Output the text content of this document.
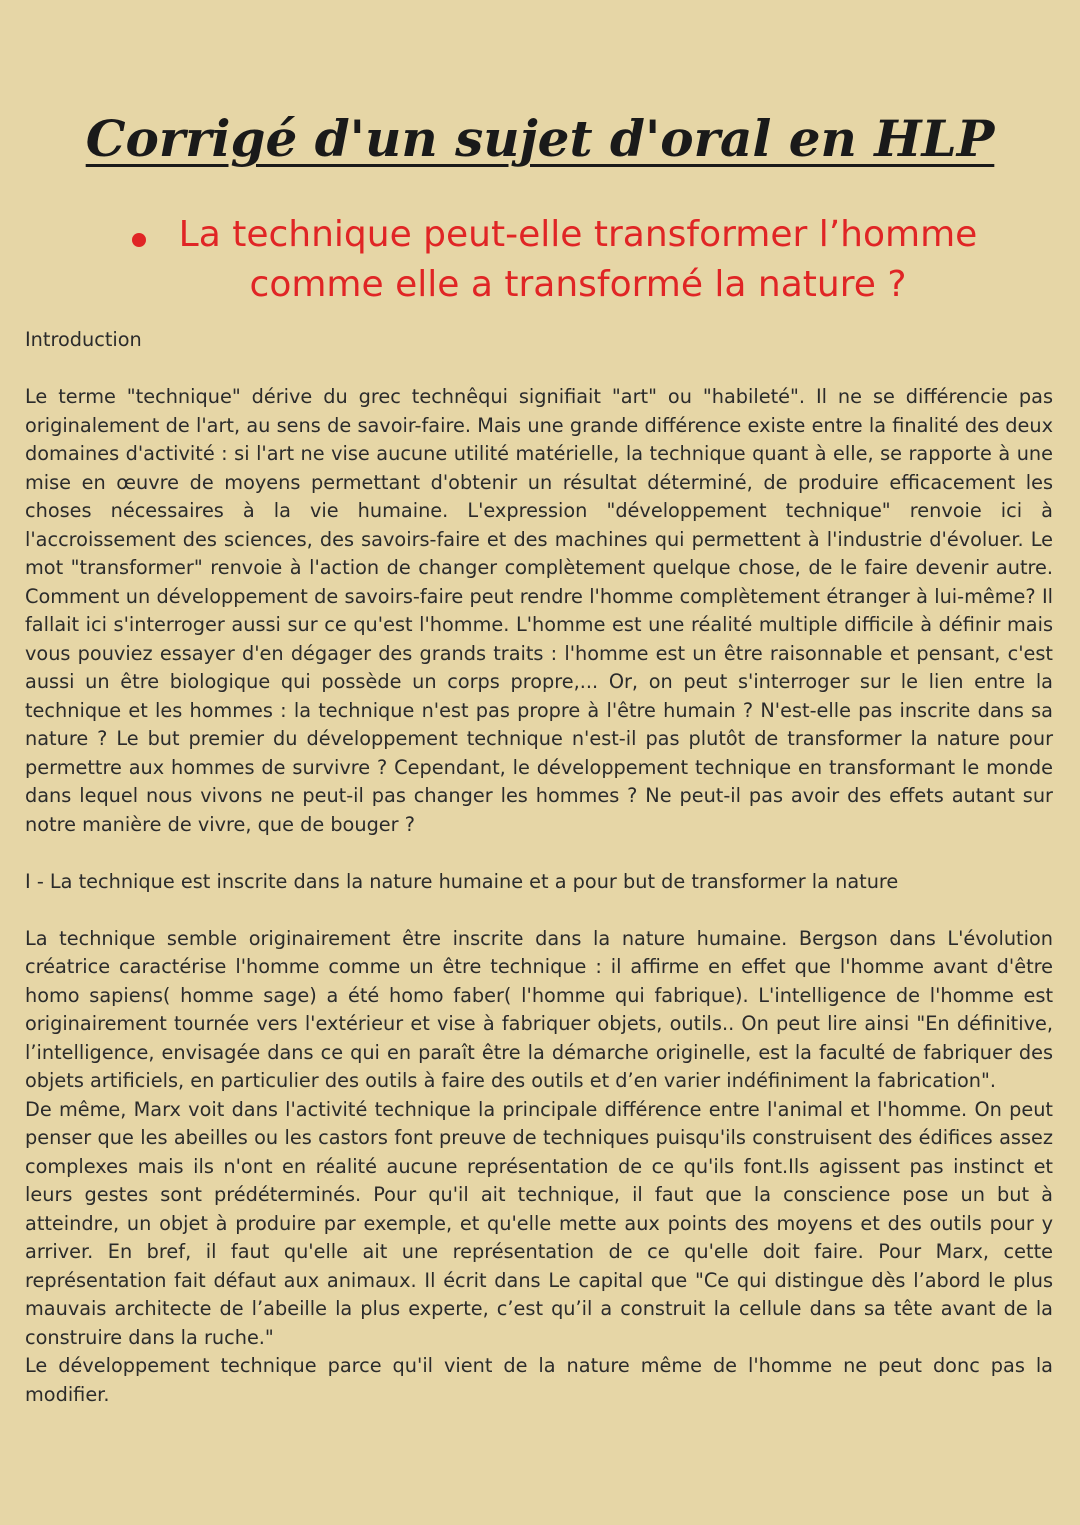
Corrigé d'un sujet d'oral en HLP
La technique peut-elle transformer l’homme comme elle a transformé la nature ?

Introduction

Le terme "technique" dérive du grec technêqui signifiait "art" ou "habileté". Il ne se différencie pas originalement de l'art, au sens de savoir-faire. Mais une grande différence existe entre la finalité des deux domaines d'activité : si l'art ne vise aucune utilité matérielle, la technique quant à elle, se rapporte à une mise en œuvre de moyens permettant d'obtenir un résultat déterminé, de produire efficacement les choses nécessaires à la vie humaine. L'expression "développement technique" renvoie ici à l'accroissement des sciences, des savoirs-faire et des machines qui permettent à l'industrie d'évoluer. Le mot "transformer" renvoie à l'action de changer complètement quelque chose, de le faire devenir autre. Comment un développement de savoirs-faire peut rendre l'homme complètement étranger à lui-même? Il fallait ici s'interroger aussi sur ce qu'est l'homme. L'homme est une réalité multiple difficile à définir mais vous pouviez essayer d'en dégager des grands traits : l'homme est un être raisonnable et pensant, c'est aussi un être biologique qui possède un corps propre,... Or, on peut s'interroger sur le lien entre la technique et les hommes : la technique n'est pas propre à l'être humain ? N'est-elle pas inscrite dans sa nature ? Le but premier du développement technique n'est-il pas plutôt de transformer la nature pour permettre aux hommes de survivre ? Cependant, le développement technique en transformant le monde dans lequel nous vivons ne peut-il pas changer les hommes ? Ne peut-il pas avoir des effets autant sur notre manière de vivre, que de bouger ?

I - La technique est inscrite dans la nature humaine et a pour but de transformer la nature

La technique semble originairement être inscrite dans la nature humaine. Bergson dans L'évolution créatrice caractérise l'homme comme un être technique : il affirme en effet que l'homme avant d'être homo sapiens( homme sage) a été homo faber( l'homme qui fabrique). L'intelligence de l'homme est originairement tournée vers l'extérieur et vise à fabriquer objets, outils.. On peut lire ainsi "En définitive, l’intelligence, envisagée dans ce qui en paraît être la démarche originelle, est la faculté de fabriquer des objets artificiels, en particulier des outils à faire des outils et d’en varier indéfiniment la fabrication".

De même, Marx voit dans l'activité technique la principale différence entre l'animal et l'homme. On peut penser que les abeilles ou les castors font preuve de techniques puisqu'ils construisent des édifices assez complexes mais ils n'ont en réalité aucune représentation de ce qu'ils font.Ils agissent pas instinct et leurs gestes sont prédéterminés. Pour qu'il ait technique, il faut que la conscience pose un but à atteindre, un objet à produire par exemple, et qu'elle mette aux points des moyens et des outils pour y arriver. En bref, il faut qu'elle ait une représentation de ce qu'elle doit faire. Pour Marx, cette représentation fait défaut aux animaux. Il écrit dans Le capital que "Ce qui distingue dès l’abord le plus mauvais architecte de l’abeille la plus experte, c’est qu’il a construit la cellule dans sa tête avant de la construire dans la ruche."

Le développement technique parce qu'il vient de la nature même de l'homme ne peut donc pas la modifier.
